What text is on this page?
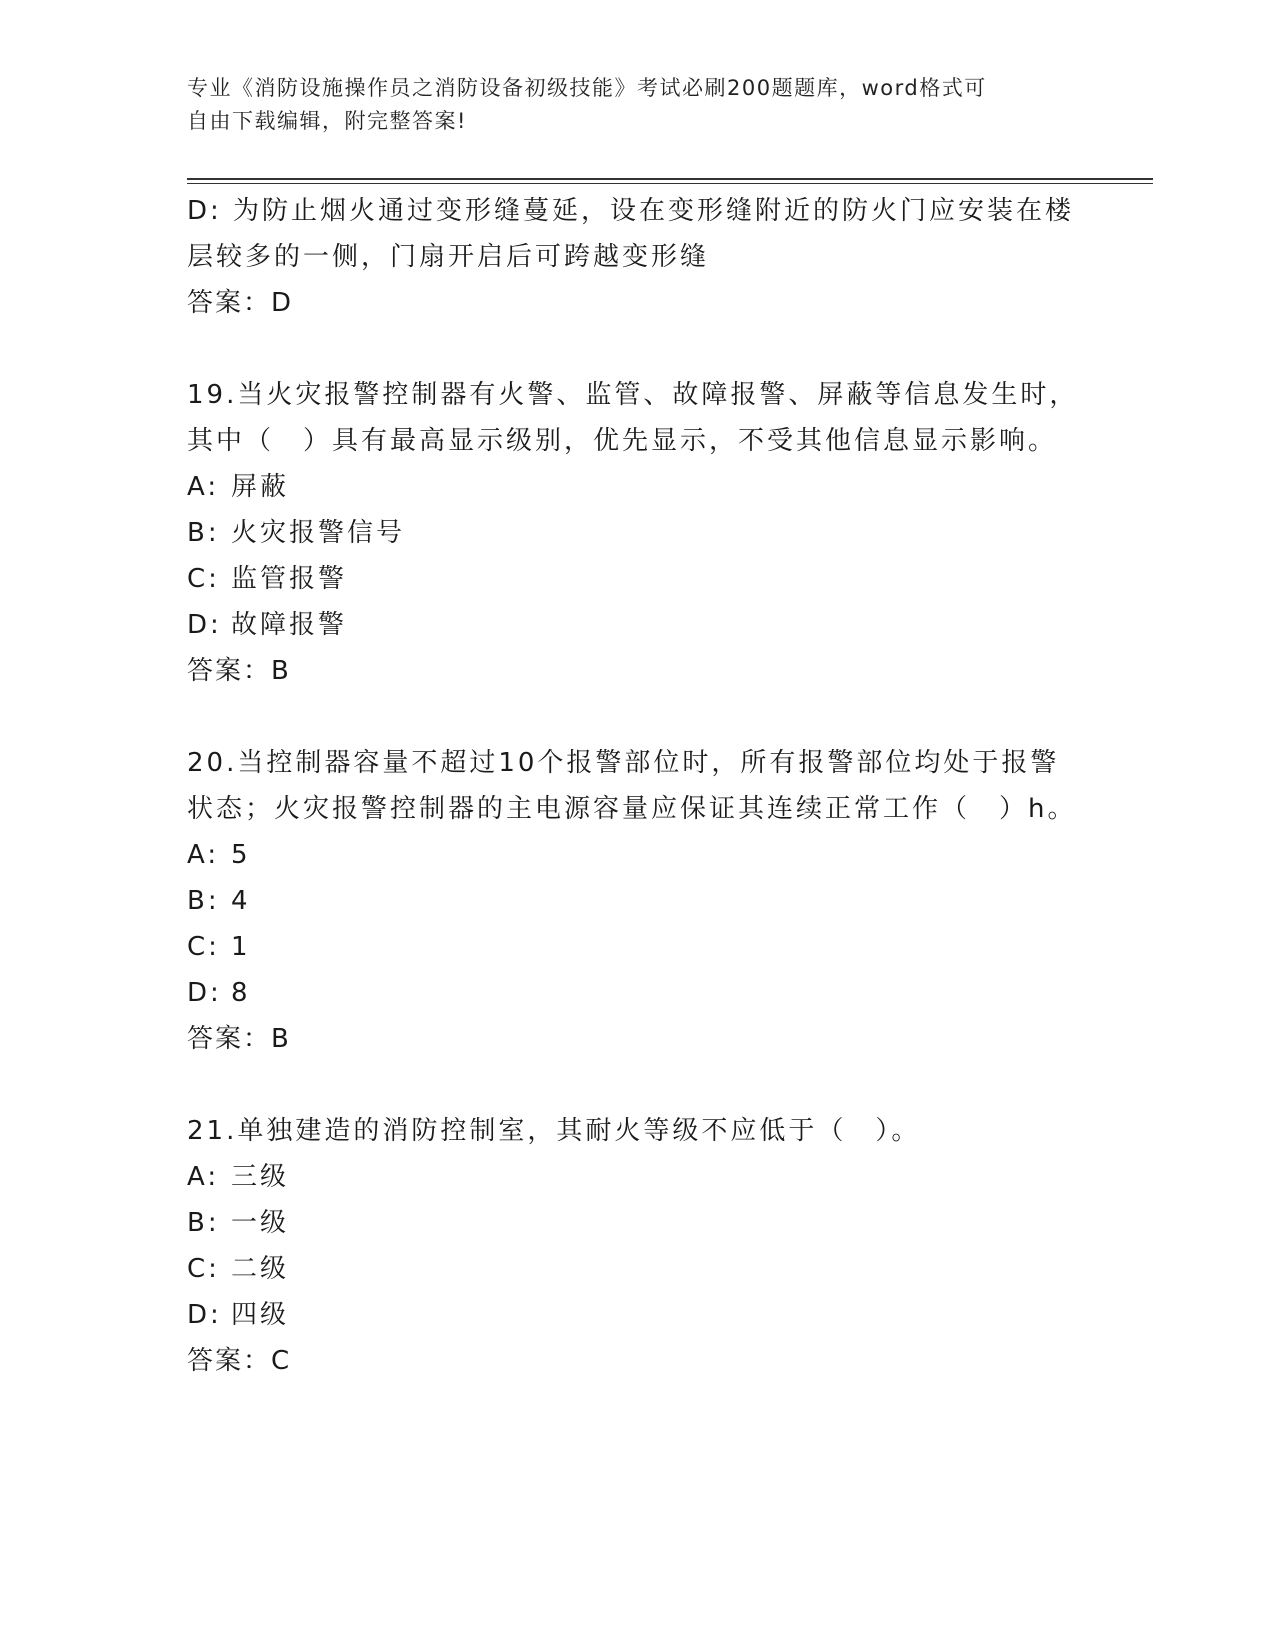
专业《消防设施操作员之消防设备初级技能》考试必刷200题题库，word格式可
自由下载编辑，附完整答案!

D: 为防止烟火通过变形缝蔓延，设在变形缝附近的防火门应安装在楼

层较多的一侧，门扇开启后可跨越变形缝

答案：D

19.当火灾报警控制器有火警、监管、故障报警、屏蔽等信息发生时，

其中（　）具有最高显示级别，优先显示，不受其他信息显示影响。

A: 屏蔽

B: 火灾报警信号

C: 监管报警

D: 故障报警

答案：B

20.当控制器容量不超过10个报警部位时，所有报警部位均处于报警

状态；火灾报警控制器的主电源容量应保证其连续正常工作（　）h。

A: 5

B: 4

C: 1

D: 8

答案：B

21.单独建造的消防控制室，其耐火等级不应低于（　）。

A: 三级

B: 一级

C: 二级

D: 四级

答案：C
